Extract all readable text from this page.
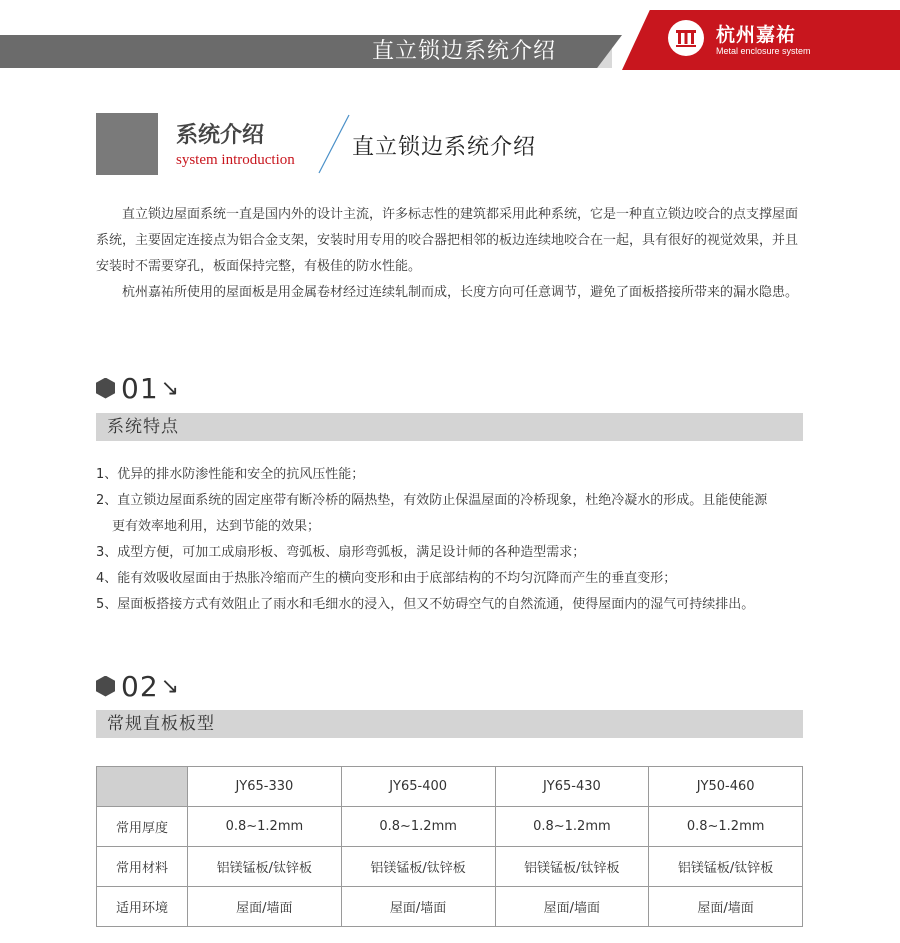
直立锁边系统介绍
杭州嘉祐
Metal enclosure system
系统介绍
system introduction	直立锁边系统介绍

直立锁边屋面系统一直是国内外的设计主流，许多标志性的建筑都采用此种系统，它是一种直立锁边咬合的点支撑屋面系统，主要固定连接点为铝合金支架，安装时用专用的咬合器把相邻的板边连续地咬合在一起，具有很好的视觉效果，并且安装时不需要穿孔，板面保持完整，有极佳的防水性能。

杭州嘉祐所使用的屋面板是用金属卷材经过连续轧制而成，长度方向可任意调节，避免了面板搭接所带来的漏水隐患。

01 ↘
系统特点
1、优异的排水防渗性能和安全的抗风压性能；
2、直立锁边屋面系统的固定座带有断冷桥的隔热垫，有效防止保温屋面的冷桥现象，杜绝冷凝水的形成。且能使能源
更有效率地利用，达到节能的效果；
3、成型方便，可加工成扇形板、弯弧板、扇形弯弧板，满足设计师的各种造型需求；
4、能有效吸收屋面由于热胀冷缩而产生的横向变形和由于底部结构的不均匀沉降而产生的垂直变形；
5、屋面板搭接方式有效阻止了雨水和毛细水的浸入，但又不妨碍空气的自然流通，使得屋面内的湿气可持续排出。
02 ↘
常规直板板型
	JY65-330	JY65-400	JY65-430	JY50-460
常用厚度	0.8~1.2mm	0.8~1.2mm	0.8~1.2mm	0.8~1.2mm
常用材料	铝镁锰板/钛锌板	铝镁锰板/钛锌板	铝镁锰板/钛锌板	铝镁锰板/钛锌板
适用环境	屋面/墙面	屋面/墙面	屋面/墙面	屋面/墙面
